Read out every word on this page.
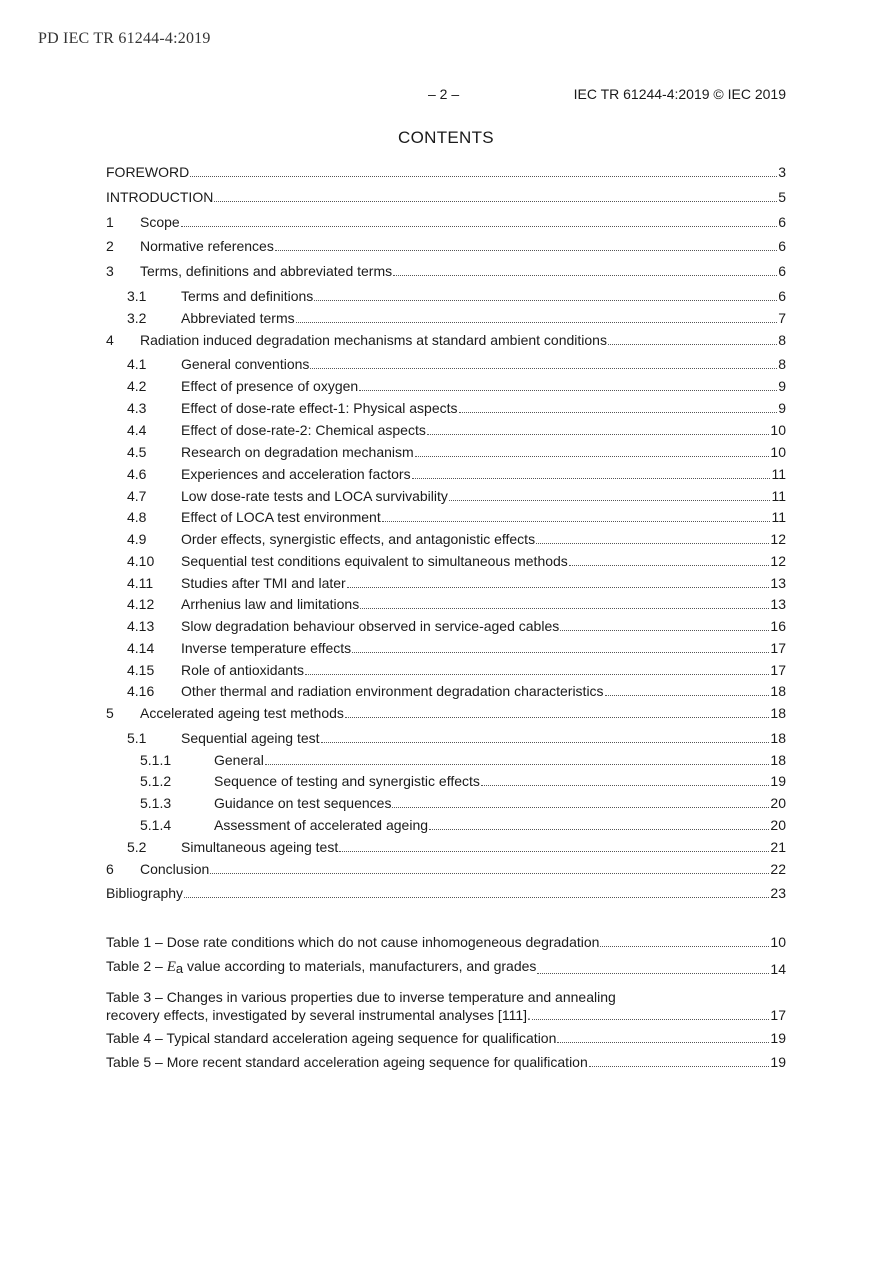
PD IEC TR 61244-4:2019
– 2 –	IEC TR 61244-4:2019 © IEC 2019
CONTENTS
FOREWORD	3
INTRODUCTION	5
1	Scope	6
2	Normative references	6
3	Terms, definitions and abbreviated terms	6
3.1	Terms and definitions	6
3.2	Abbreviated terms	7
4	Radiation induced degradation mechanisms at standard ambient conditions	8
4.1	General conventions	8
4.2	Effect of presence of oxygen	9
4.3	Effect of dose-rate effect-1: Physical aspects	9
4.4	Effect of dose-rate-2: Chemical aspects	10
4.5	Research on degradation mechanism	10
4.6	Experiences and acceleration factors	11
4.7	Low dose-rate tests and LOCA survivability	11
4.8	Effect of LOCA test environment	11
4.9	Order effects, synergistic effects, and antagonistic effects	12
4.10	Sequential test conditions equivalent to simultaneous methods	12
4.11	Studies after TMI and later	13
4.12	Arrhenius law and limitations	13
4.13	Slow degradation behaviour observed in service-aged cables	16
4.14	Inverse temperature effects	17
4.15	Role of antioxidants	17
4.16	Other thermal and radiation environment degradation characteristics	18
5	Accelerated ageing test methods	18
5.1	Sequential ageing test	18
5.1.1	General	18
5.1.2	Sequence of testing and synergistic effects	19
5.1.3	Guidance on test sequences	20
5.1.4	Assessment of accelerated ageing	20
5.2	Simultaneous ageing test	21
6	Conclusion	22
Bibliography	23
Table 1 – Dose rate conditions which do not cause inhomogeneous degradation	10
Table $2 - E_a$ value according to materials, manufacturers, and grades	14
Table 3 – Changes in various properties due to inverse temperature and annealing
recovery effects, investigated by several instrumental analyses [111].	17
Table 4 – Typical standard acceleration ageing sequence for qualification	19
Table 5 – More recent standard acceleration ageing sequence for qualification	19
